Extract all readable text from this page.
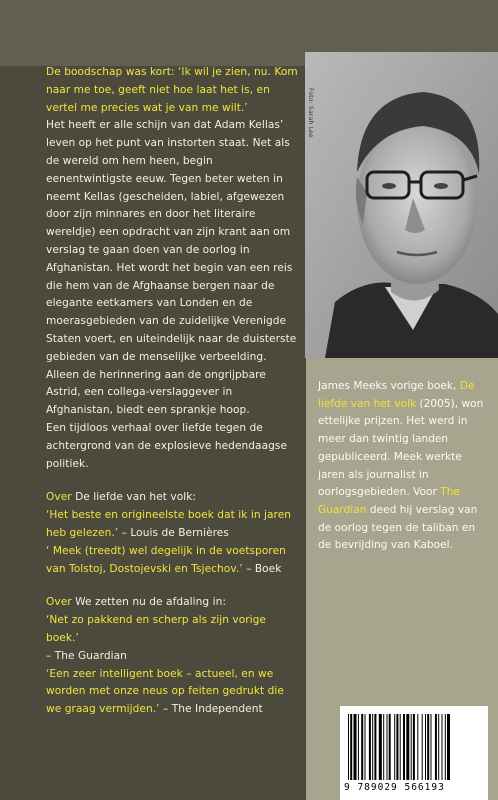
Foto: Sarah Lee

De boodschap was kort: ‘Ik wil je zien, nu. Kom naar me toe, geeft niet hoe laat het is, en vertel me precies wat je van me wilt.’

Het heeft er alle schijn van dat Adam Kellas’ leven op het punt van instorten staat. Net als de wereld om hem heen, begin eenentwintigste eeuw. Tegen beter weten in neemt Kellas (gescheiden, labiel, afgewezen door zijn minnares en door het literaire wereldje) een opdracht van zijn krant aan om verslag te gaan doen van de oorlog in Afghanistan. Het wordt het begin van een reis die hem van de Afghaanse bergen naar de elegante eetkamers van Londen en de moerasgebieden van de zuidelijke Verenigde Staten voert, en uiteindelijk naar de duisterste gebieden van de menselijke verbeelding. Alleen de herinnering aan de ongrijpbare Astrid, een collega-verslaggever in Afghanistan, biedt een sprankje hoop.

Een tijdloos verhaal over liefde tegen de achtergrond van de explosieve hedendaagse politiek.

Over De liefde van het volk:

‘Het beste en origineelste boek dat ik in jaren heb gelezen.’ – Louis de Bernières

‘ Meek (treedt) wel degelijk in de voetsporen van Tolstoj, Dostojevski en Tsjechov.’ – Boek

Over We zetten nu de afdaling in:

‘Net zo pakkend en scherp als zijn vorige boek.’

– The Guardian

‘Een zeer intelligent boek – actueel, en we worden met onze neus op feiten gedrukt die we graag vermijden.’ – The Independent

James Meeks vorige boek, De liefde van het volk (2005), won ettelijke prijzen. Het werd in meer dan twintig landen gepubliceerd. Meek werkte jaren als journalist in oorlogsgebieden. Voor The Guardian deed hij verslag van de oorlog tegen de taliban en de bevrijding van Kaboel.
9 789029 566193
